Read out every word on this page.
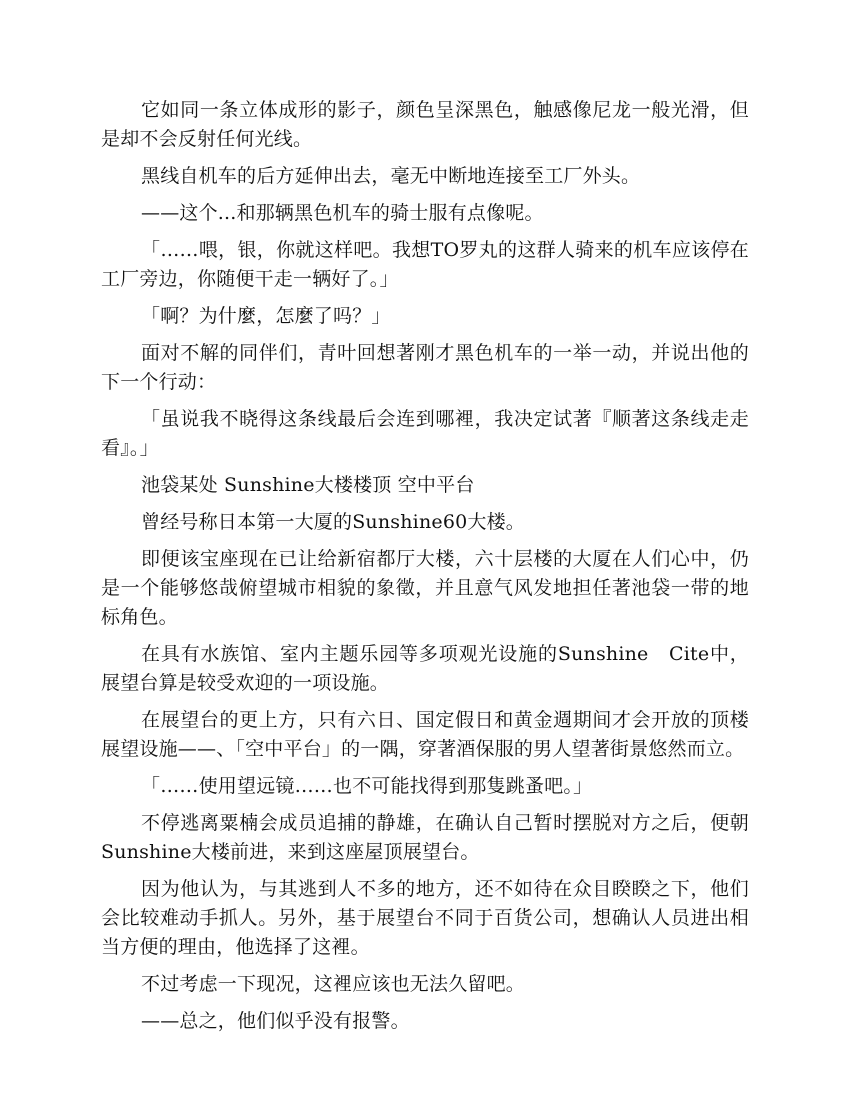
它如同一条立体成形的影子，颜色呈深黑色，触感像尼龙一般光滑，但是却不会反射任何光线。

黑线自机车的后方延伸出去，毫无中断地连接至工厂外头。

——这个...和那辆黑色机车的骑士服有点像呢。

「……喂，银，你就这样吧。我想TO罗丸的这群人骑来的机车应该停在工厂旁边，你随便干走一辆好了。」

「啊？为什麼，怎麼了吗？」

面对不解的同伴们，青叶回想著刚才黑色机车的一举一动，并说出他的下一个行动：

「虽说我不晓得这条线最后会连到哪裡，我决定试著『顺著这条线走走看』。」

池袋某处 Sunshine大楼楼顶 空中平台

曾经号称日本第一大厦的Sunshine60大楼。

即便该宝座现在已让给新宿都厅大楼，六十层楼的大厦在人们心中，仍是一个能够悠哉俯望城市相貌的象徵，并且意气风发地担任著池袋一带的地标角色。

在具有水族馆、室内主题乐园等多项观光设施的Sunshine　Cite中，展望台算是较受欢迎的一项设施。

在展望台的更上方，只有六日、国定假日和黄金週期间才会开放的顶楼展望设施——、「空中平台」的一隅，穿著酒保服的男人望著街景悠然而立。

「……使用望远镜……也不可能找得到那隻跳蚤吧。」

不停逃离粟楠会成员追捕的静雄，在确认自己暂时摆脱对方之后，便朝Sunshine大楼前进，来到这座屋顶展望台。

因为他认为，与其逃到人不多的地方，还不如待在众目睽睽之下，他们会比较难动手抓人。另外，基于展望台不同于百货公司，想确认人员进出相当方便的理由，他选择了这裡。

不过考虑一下现况，这裡应该也无法久留吧。

——总之，他们似乎没有报警。
